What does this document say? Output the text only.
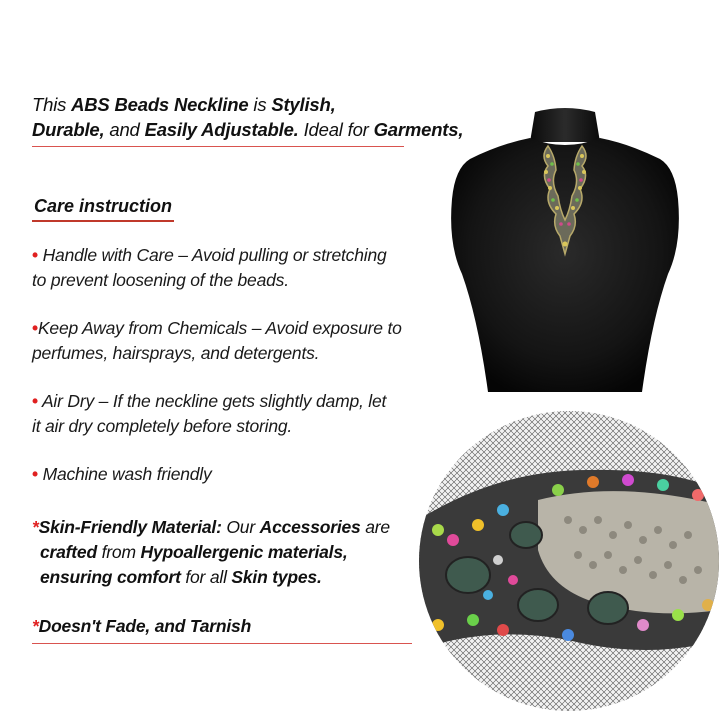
This ABS Beads Neckline is Stylish,
Durable, and Easily Adjustable. Ideal for Garments,
Care instruction
• Handle with Care – Avoid pulling or stretching
to prevent loosening of the beads.
•Keep Away from Chemicals – Avoid exposure to
perfumes, hairsprays, and detergents.
• Air Dry – If the neckline gets slightly damp, let
it air dry completely before storing.
• Machine wash friendly
*Skin-Friendly Material: Our Accessories are
crafted from Hypoallergenic materials,
ensuring comfort for all Skin types.
*Doesn't Fade, and Tarnish
